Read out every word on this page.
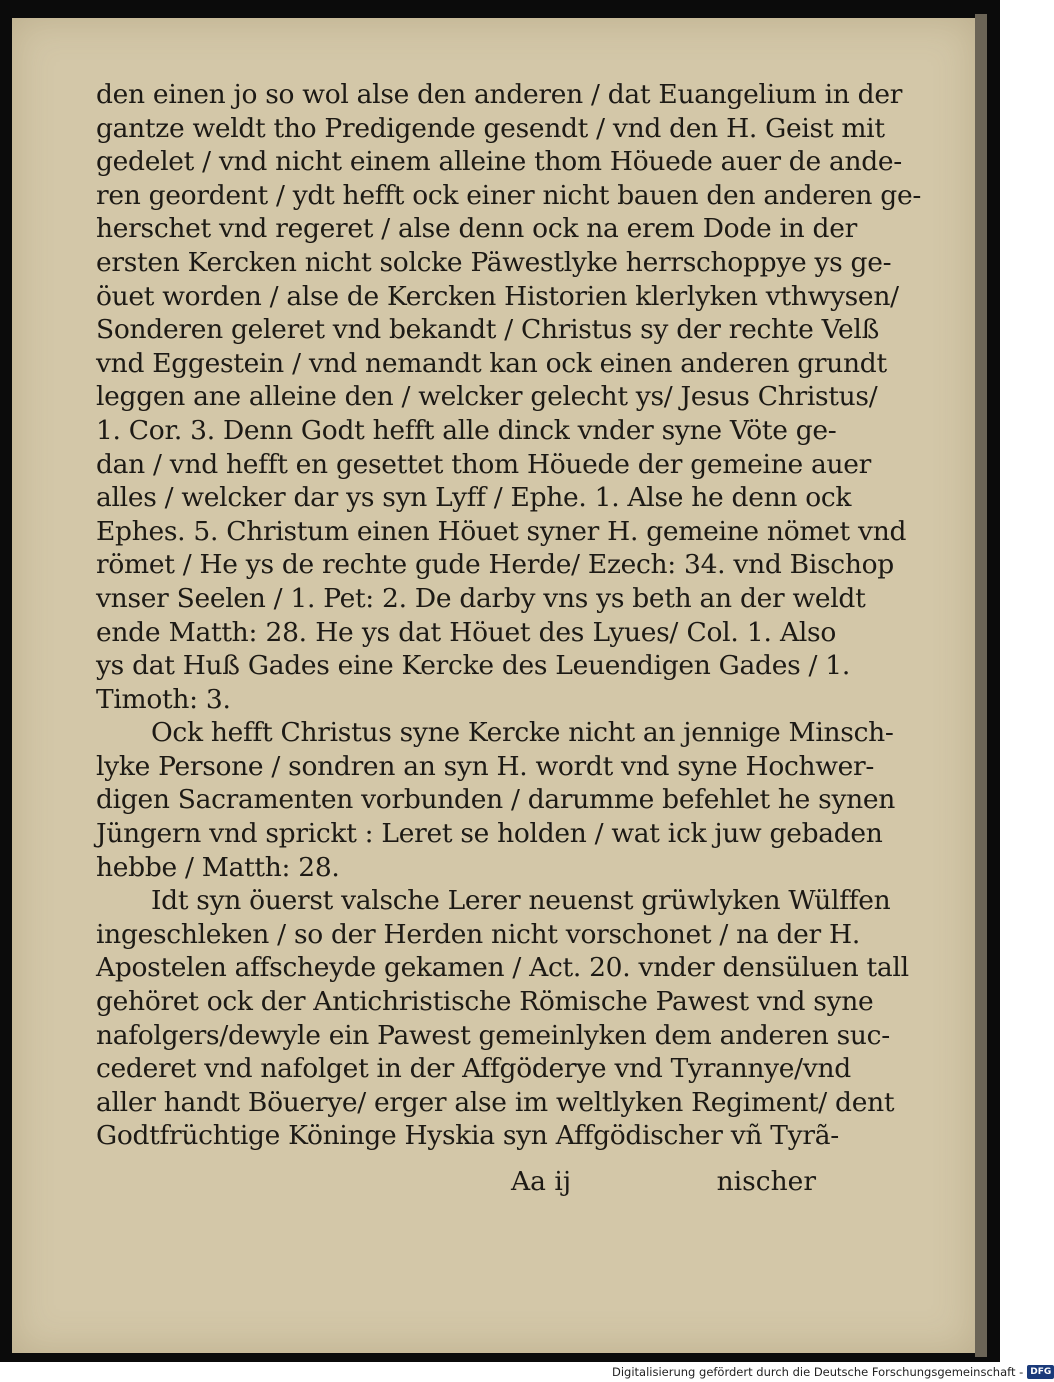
den einen jo so wol alse den anderen / dat Euangelium in der
gantze weldt tho Predigende gesendt / vnd den H. Geist mit
gedelet / vnd nicht einem alleine thom Höuede auer de ande-
ren geordent / ydt hefft ock einer nicht bauen den anderen ge-
herschet vnd regeret / alse denn ock na erem Dode in der
ersten Kercken nicht solcke Päwestlyke herrschoppye ys ge-
öuet worden / alse de Kercken Historien klerlyken vthwysen/
Sonderen geleret vnd bekandt / Christus sy der rechte Velß
vnd Eggestein / vnd nemandt kan ock einen anderen grundt
leggen ane alleine den / welcker gelecht ys/ Jesus Christus/
1. Cor. 3. Denn Godt hefft alle dinck vnder syne Vöte ge-
dan / vnd hefft en gesettet thom Höuede der gemeine auer
alles / welcker dar ys syn Lyff / Ephe. 1. Alse he denn ock
Ephes. 5. Christum einen Höuet syner H. gemeine nömet vnd
römet / He ys de rechte gude Herde/ Ezech: 34. vnd Bischop
vnser Seelen / 1. Pet: 2. De darby vns ys beth an der weldt
ende Matth: 28. He ys dat Höuet des Lyues/ Col. 1. Also
ys dat Huß Gades eine Kercke des Leuendigen Gades / 1.
Timoth: 3.
Ock hefft Christus syne Kercke nicht an jennige Minsch-
lyke Persone / sondren an syn H. wordt vnd syne Hochwer-
digen Sacramenten vorbunden / darumme befehlet he synen
Jüngern vnd sprickt : Leret se holden / wat ick juw gebaden
hebbe / Matth: 28.
Idt syn öuerst valsche Lerer neuenst grüwlyken Wülffen
ingeschleken / so der Herden nicht vorschonet / na der H.
Apostelen affscheyde gekamen / Act. 20. vnder densüluen tall
gehöret ock der Antichristische Römische Pawest vnd syne
nafolgers/dewyle ein Pawest gemeinlyken dem anderen suc-
cederet vnd nafolget in der Affgöderye vnd Tyrannye/vnd
aller handt Böuerye/ erger alse im weltlyken Regiment/ dent
Godtfrüchtige Köninge Hyskia syn Affgödischer vñ Tyrã-
Aa ij	nischer
Digitalisierung gefördert durch die Deutsche Forschungsgemeinschaft - DFG
